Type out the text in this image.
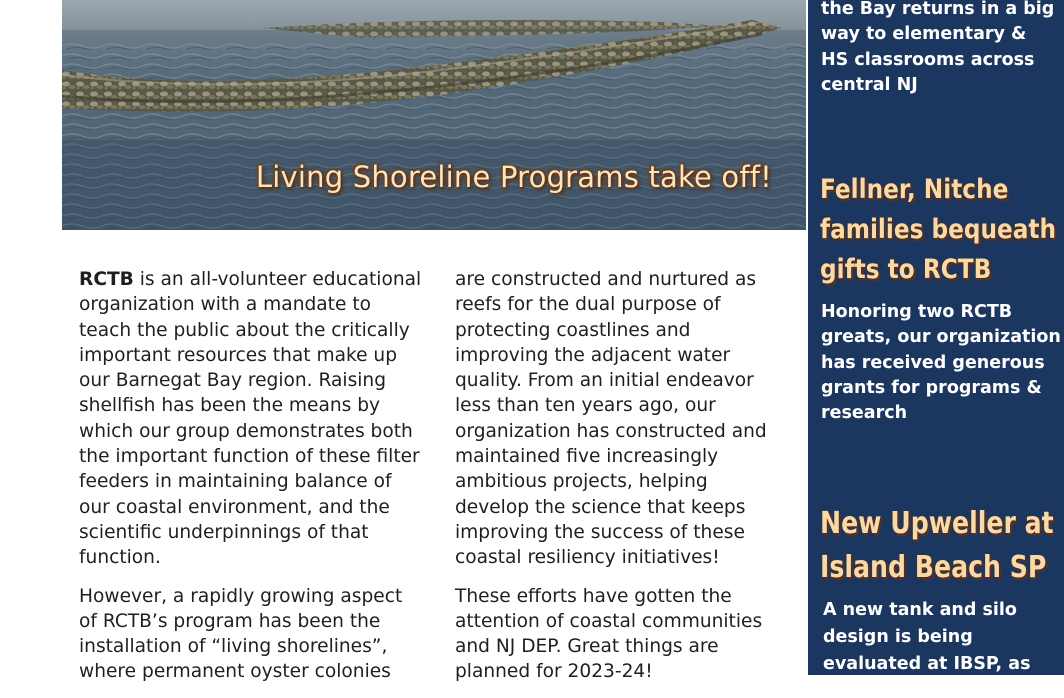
Living Shoreline Programs take off!

RCTB is an all-volunteer educational
organization with a mandate to
teach the public about the critically
important resources that make up
our Barnegat Bay region. Raising
shellfish has been the means by
which our group demonstrates both
the important function of these filter
feeders in maintaining balance of
our coastal environment, and the
scientific underpinnings of that
function.

However, a rapidly growing aspect
of RCTB’s program has been the
installation of “living shorelines”,
where permanent oyster colonies

are constructed and nurtured as
reefs for the dual purpose of
protecting coastlines and
improving the adjacent water
quality. From an initial endeavor
less than ten years ago, our
organization has constructed and
maintained five increasingly
ambitious projects, helping
develop the science that keeps
improving the success of these
coastal resiliency initiatives!

These efforts have gotten the
attention of coastal communities
and NJ DEP. Great things are
planned for 2023-24!

the Bay returns in a big
way to elementary &
HS classrooms across
central NJ
Fellner, Nitche
families bequeath
gifts to RCTB
Honoring two RCTB
greats, our organization
has received generous
grants for programs &
research
New Upweller at
Island Beach SP
A new tank and silo
design is being
evaluated at IBSP, as
